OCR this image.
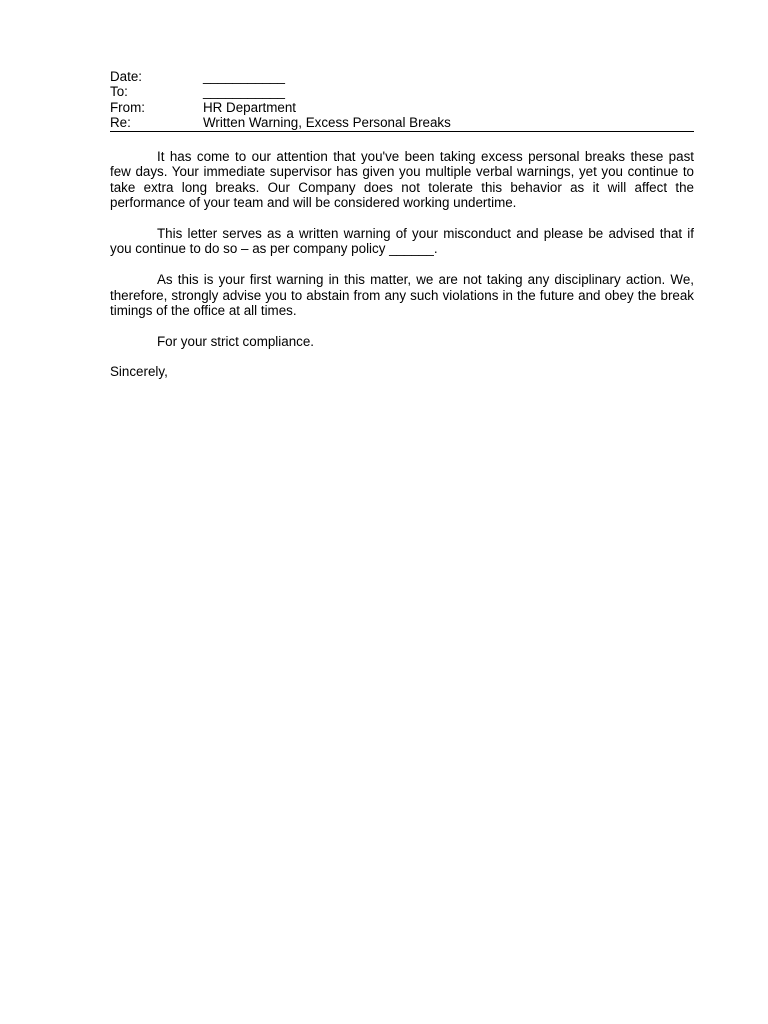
Date:	___________
To:	___________
From:	HR Department
Re:	Written Warning, Excess Personal Breaks

It has come to our attention that you've been taking excess personal breaks these past few days. Your immediate supervisor has given you multiple verbal warnings, yet you continue to take extra long breaks. Our Company does not tolerate this behavior as it will affect the performance of your team and will be considered working undertime.

This letter serves as a written warning of your misconduct and please be advised that if you continue to do so – as per company policy ______.

As this is your first warning in this matter, we are not taking any disciplinary action. We, therefore, strongly advise you to abstain from any such violations in the future and obey the break timings of the office at all times.

For your strict compliance.

Sincerely,
